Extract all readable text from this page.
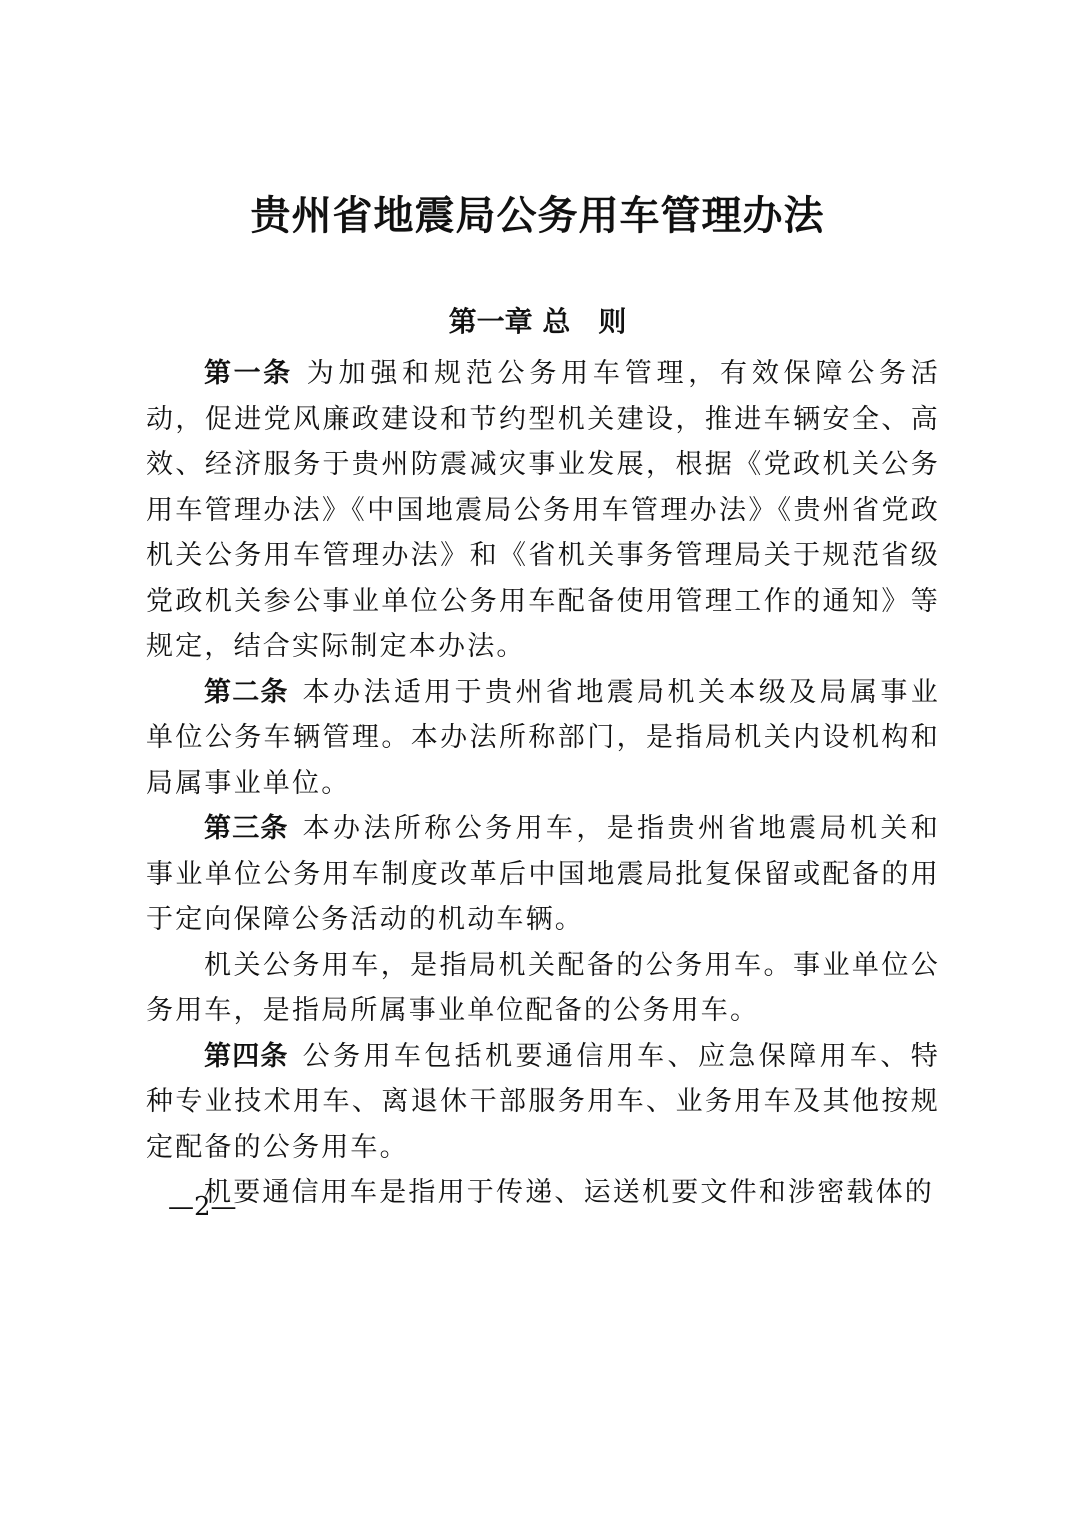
贵州省地震局公务用车管理办法
第一章 总　则

第一条 为加强和规范公务用车管理，有效保障公务活动，促进党风廉政建设和节约型机关建设，推进车辆安全、高效、经济服务于贵州防震减灾事业发展，根据《党政机关公务用车管理办法》《中国地震局公务用车管理办法》《贵州省党政机关公务用车管理办法》和《省机关事务管理局关于规范省级党政机关参公事业单位公务用车配备使用管理工作的通知》等规定，结合实际制定本办法。

第二条 本办法适用于贵州省地震局机关本级及局属事业单位公务车辆管理。本办法所称部门，是指局机关内设机构和局属事业单位。

第三条 本办法所称公务用车，是指贵州省地震局机关和事业单位公务用车制度改革后中国地震局批复保留或配备的用于定向保障公务活动的机动车辆。

机关公务用车，是指局机关配备的公务用车。事业单位公务用车，是指局所属事业单位配备的公务用车。

第四条 公务用车包括机要通信用车、应急保障用车、特种专业技术用车、离退休干部服务用车、业务用车及其他按规定配备的公务用车。

机要通信用车是指用于传递、运送机要文件和涉密载体的

—2—
